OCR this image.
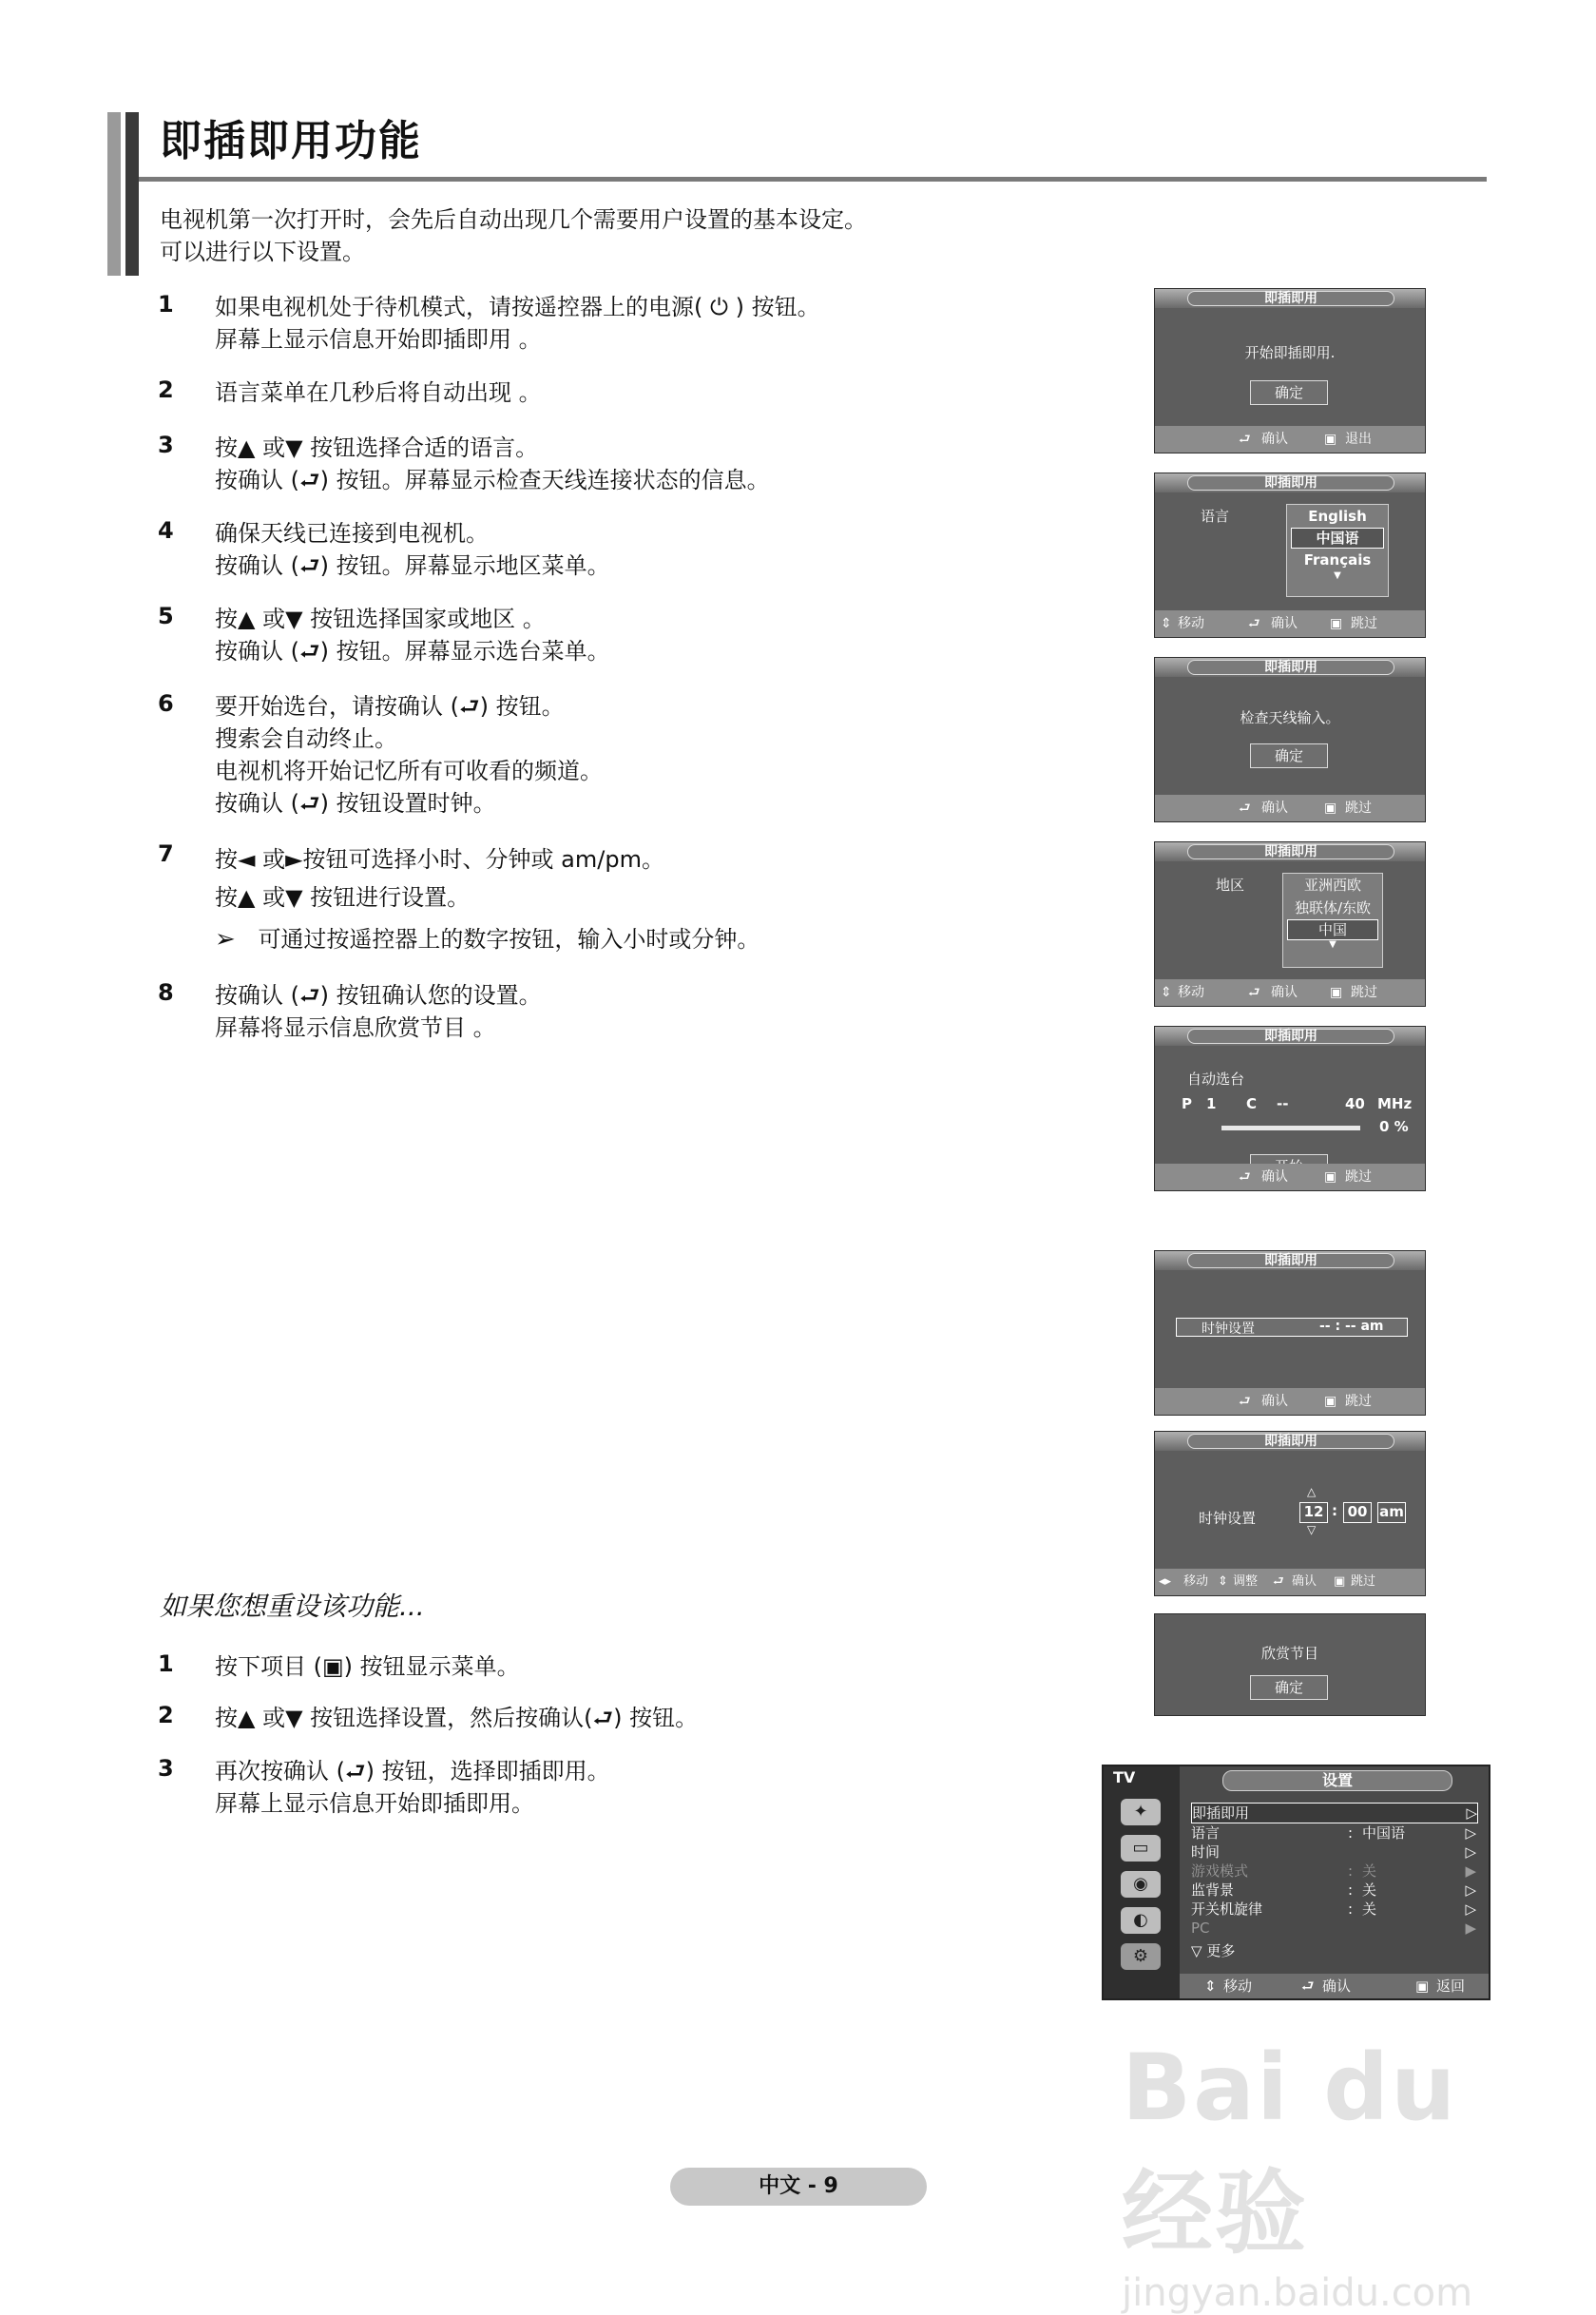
即插即用功能
电视机第一次打开时，会先后自动出现几个需要用户设置的基本设定。
可以进行以下设置。
1	如果电视机处于待机模式，请按遥控器上的电源( ⏻ ) 按钮。
屏幕上显示信息开始即插即用 。
2	语言菜单在几秒后将自动出现 。
3	按▲ 或▼ 按钮选择合适的语言。
按确认 (⮐) 按钮。屏幕显示检查天线连接状态的信息。
4	确保天线已连接到电视机。
按确认 (⮐) 按钮。屏幕显示地区菜单。
5	按▲ 或▼ 按钮选择国家或地区 。
按确认 (⮐) 按钮。屏幕显示选台菜单。
6	要开始选台，请按确认 (⮐) 按钮。
搜索会自动终止。
电视机将开始记忆所有可收看的频道。
按确认 (⮐) 按钮设置时钟。
7	按◄ 或►按钮可选择小时、分钟或 am/pm。
按▲ 或▼ 按钮进行设置。
➢ 可通过按遥控器上的数字按钮，输入小时或分钟。
8	按确认 (⮐) 按钮确认您的设置。
屏幕将显示信息欣赏节目 。
如果您想重设该功能...
1	按下项目 (▣) 按钮显示菜单。
2	按▲ 或▼ 按钮选择设置，然后按确认(⮐) 按钮。
3	再次按确认 (⮐) 按钮，选择即插即用。
屏幕上显示信息开始即插即用。
即插即用
开始即插即用.
确定
⮐ 确认	▣ 退出
即插即用
语言	English
中国语
Français
▼
⇕ 移动	⮐ 确认 ▣ 跳过
即插即用
检查天线输入。
确定
⮐ 确认	▣ 跳过
即插即用
地区	亚洲西欧
独联体/东欧
中国
▼
⇕ 移动	⮐ 确认 ▣ 跳过
即插即用
自动选台
P 1 C --	40 MHz
0 %
⮐ 确认	▣ 跳过
即插即用
时钟设置	-- : -- am
⮐ 确认	▣ 跳过
即插即用
时钟设置
△
12
▽
: 00 am
◂▸ 移动 ⇕ 调整 ⮐ 确认 ▣ 跳过
欣赏节目
确定
TV
✦
▭
◉
◐
⚙
设置
即插即用	▷
语言	: 中国语	▷
时间	▷
游戏模式	: 关	▶
监背景	: 关	▷
开关机旋律	: 关	▷
PC	▶
▽ 更多
⇕ 移动	⮐ 确认	▣ 返回
Bai du 经验
jingyan.baidu.com
中文 - 9
